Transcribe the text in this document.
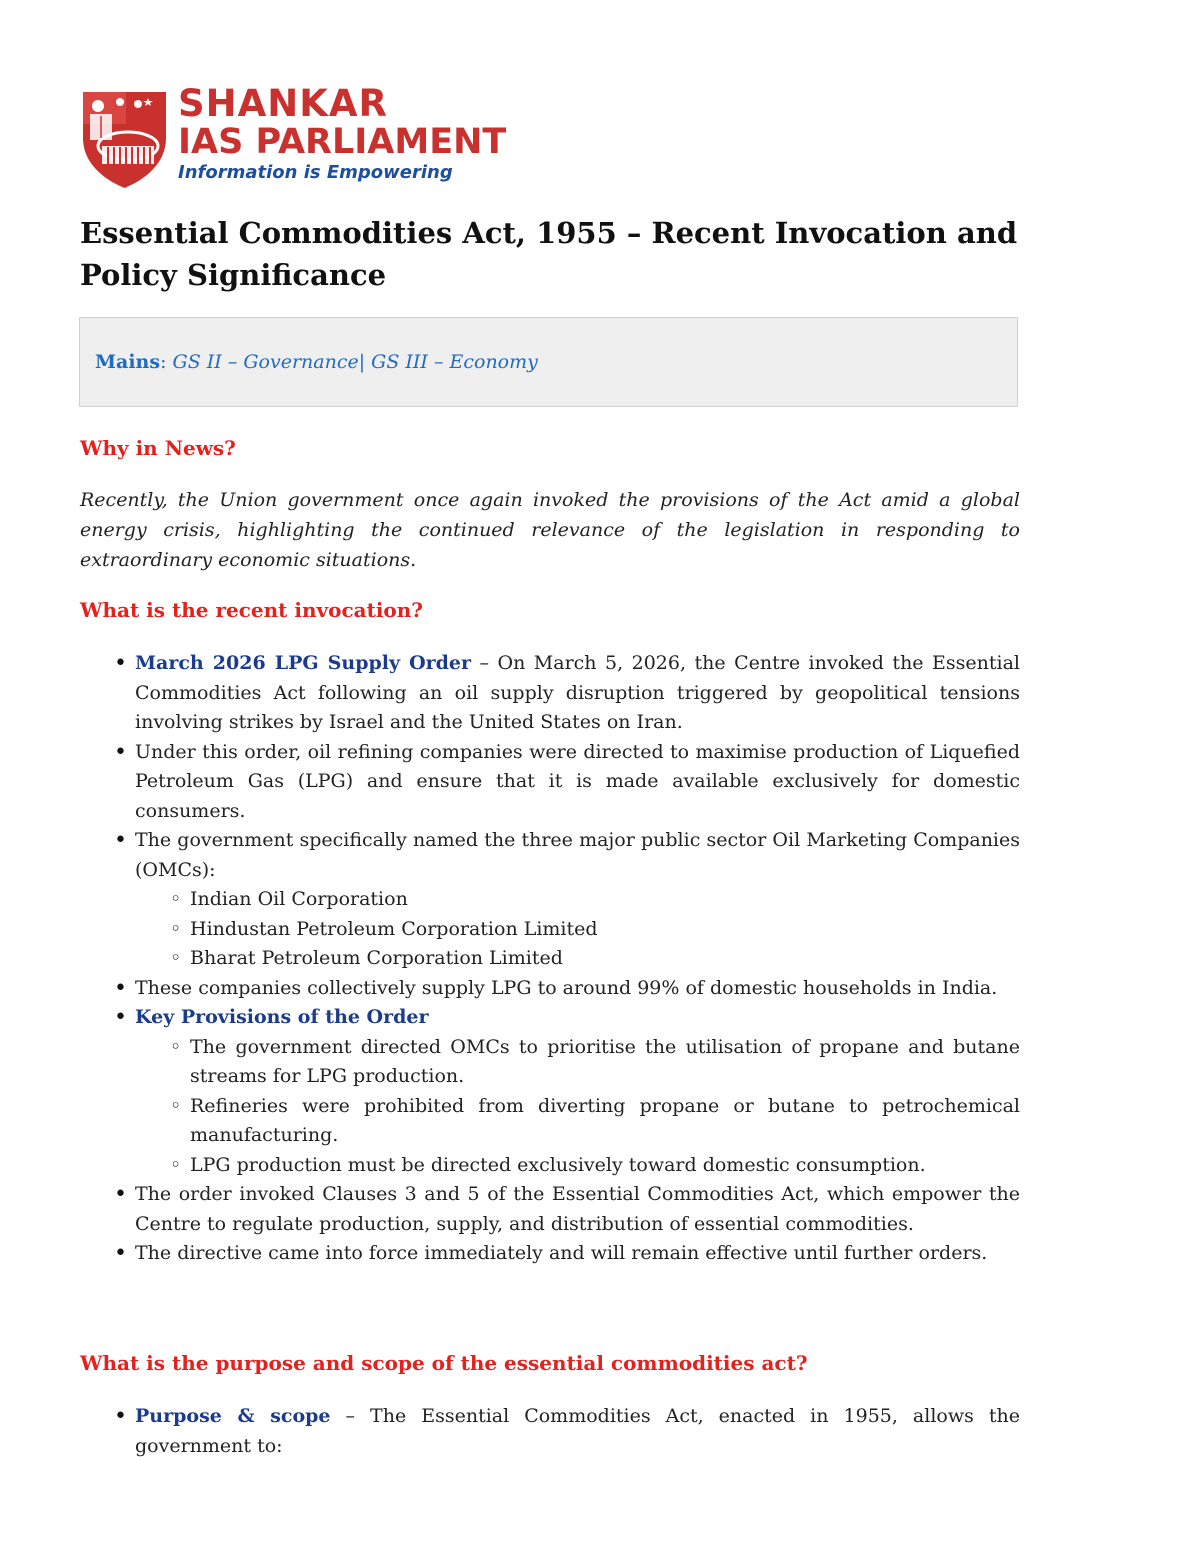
SHANKAR
IAS PARLIAMENT
Information is Empowering
Essential Commodities Act, 1955 – Recent Invocation and Policy Significance
Mains: GS II – Governance| GS III – Economy
Why in News?

Recently, the Union government once again invoked the provisions of the Act amid a global energy crisis, highlighting the continued relevance of the legislation in responding to extraordinary economic situations.

What is the recent invocation?
• March 2026 LPG Supply Order – On March 5, 2026, the Centre invoked the Essential Commodities Act following an oil supply disruption triggered by geopolitical tensions involving strikes by Israel and the United States on Iran.
• Under this order, oil refining companies were directed to maximise production of Liquefied Petroleum Gas (LPG) and ensure that it is made available exclusively for domestic consumers.
• The government specifically named the three major public sector Oil Marketing Companies (OMCs):
◦ Indian Oil Corporation
◦ Hindustan Petroleum Corporation Limited
◦ Bharat Petroleum Corporation Limited
• These companies collectively supply LPG to around 99% of domestic households in India.
• Key Provisions of the Order
◦ The government directed OMCs to prioritise the utilisation of propane and butane streams for LPG production.
◦ Refineries were prohibited from diverting propane or butane to petrochemical manufacturing.
◦ LPG production must be directed exclusively toward domestic consumption.
• The order invoked Clauses 3 and 5 of the Essential Commodities Act, which empower the Centre to regulate production, supply, and distribution of essential commodities.
• The directive came into force immediately and will remain effective until further orders.
What is the purpose and scope of the essential commodities act?
• Purpose & scope – The Essential Commodities Act, enacted in 1955, allows the government to:
